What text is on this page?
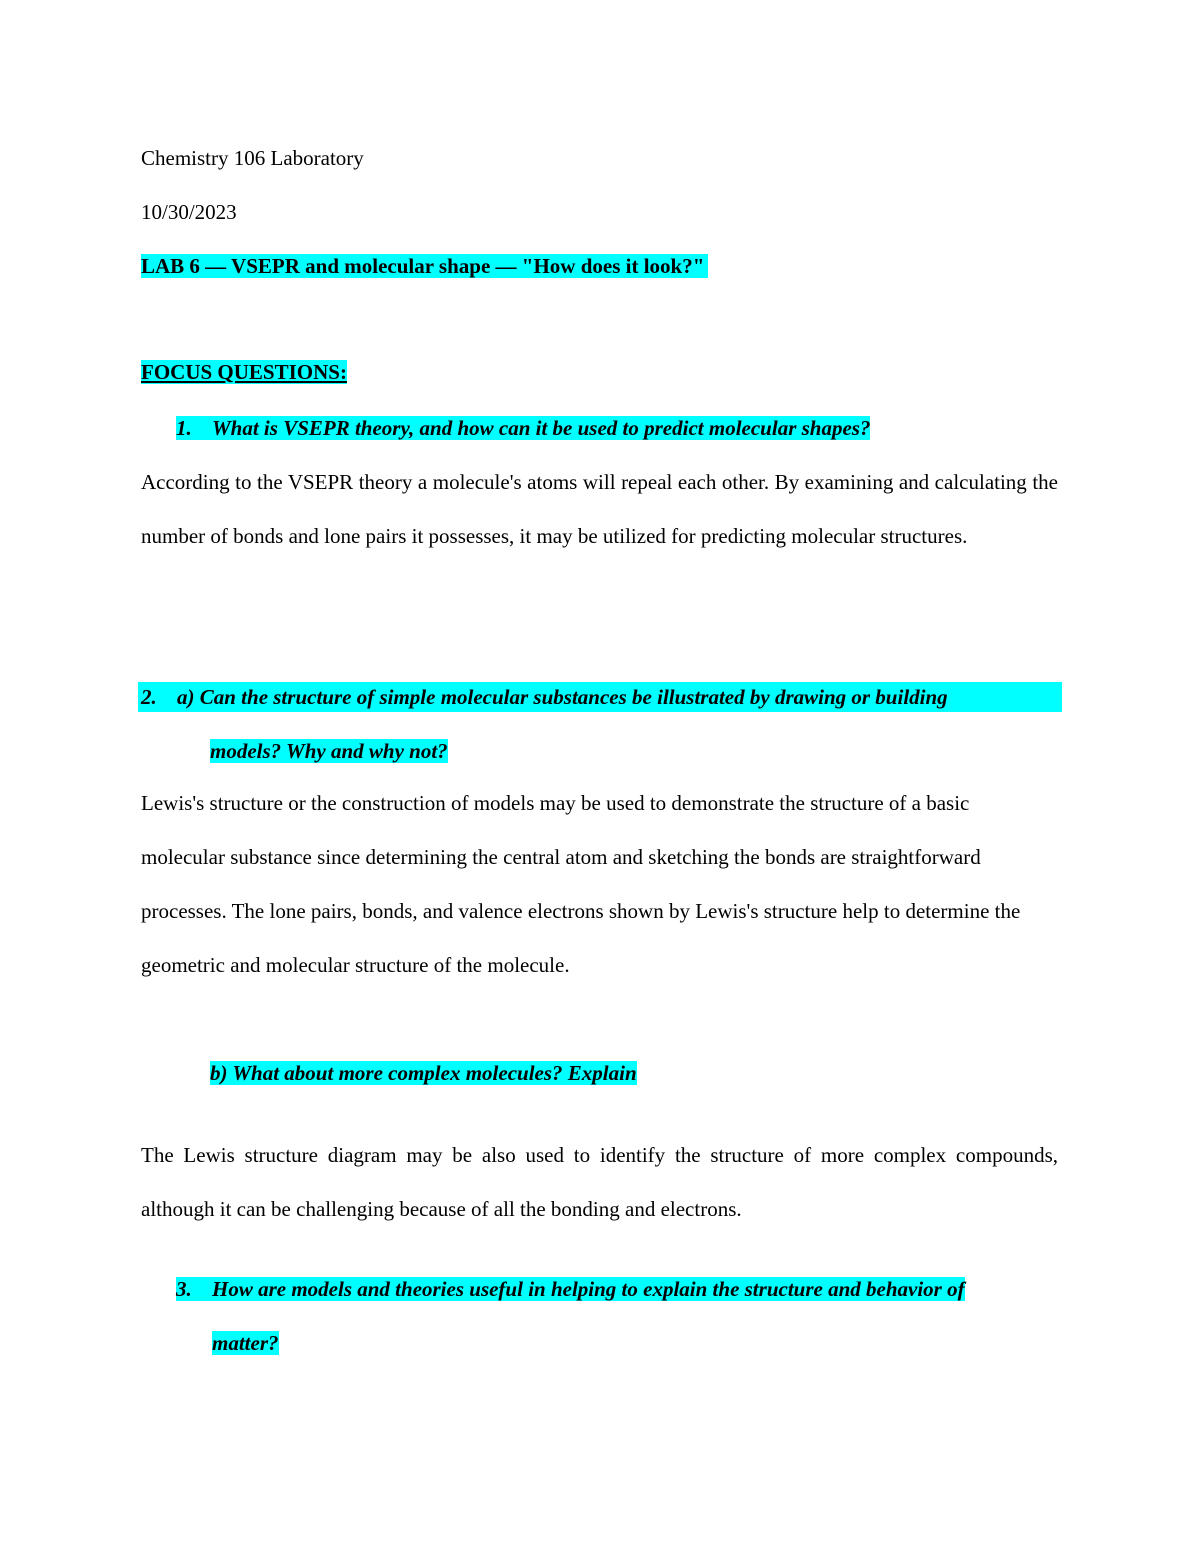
Chemistry 106 Laboratory
10/30/2023
LAB 6 — VSEPR and molecular shape — "How does it look?"
FOCUS QUESTIONS:
1. What is VSEPR theory, and how can it be used to predict molecular shapes?

According to the VSEPR theory a molecule's atoms will repeal each other. By examining and calculating the number of bonds and lone pairs it possesses, it may be utilized for predicting molecular structures.

2. a) Can the structure of simple molecular substances be illustrated by drawing or building
models? Why and why not?

Lewis's structure or the construction of models may be used to demonstrate the structure of a basic molecular substance since determining the central atom and sketching the bonds are straightforward processes. The lone pairs, bonds, and valence electrons shown by Lewis's structure help to determine the geometric and molecular structure of the molecule.

b) What about more complex molecules? Explain

The Lewis structure diagram may be also used to identify the structure of more complex compounds, although it can be challenging because of all the bonding and electrons.

3. How are models and theories useful in helping to explain the structure and behavior of
matter?
